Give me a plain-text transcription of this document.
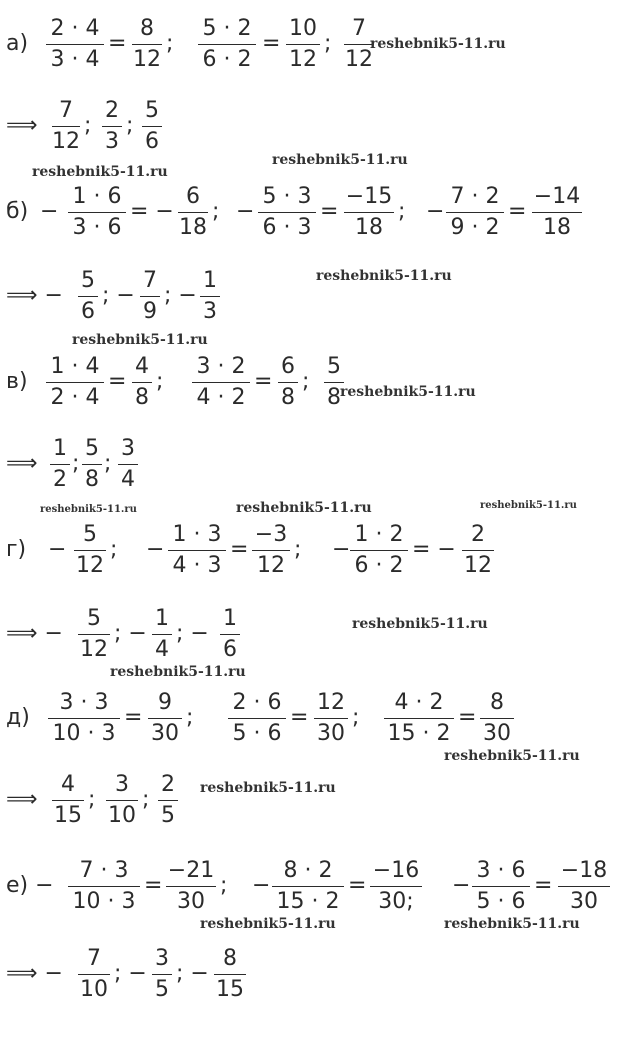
а)
2 · 4
3 · 4
=
8
12
;
5 · 2
6 · 2
=
10
12
;
7
12
⟹
7
12
;
2
3
;
5
6
б) −
1 · 6
3 · 6
= −
6
18
; −
5 · 3
6 · 3
=
−15
18
; −
7 · 2
9 · 2
=
−14
18
⟹ −
5
6
; −
7
9
; −
1
3
в)
1 · 4
2 · 4
=
4
8
;
3 · 2
4 · 2
=
6
8
;
5
8
⟹
1
2
;
5
8
;
3
4
г) −
5
12
; −
1 · 3
4 · 3
=
−3
12
; −
1 · 2
6 · 2
= −
2
12
⟹ −
5
12
; −
1
4
; −
1
6
д)
3 · 3
10 · 3
=
9
30
;
2 · 6
5 · 6
=
12
30
;
4 · 2
15 · 2
=
8
30
⟹
4
15
;
3
10
;
2
5
е) −
7 · 3
10 · 3
=
−21
30
; −
8 · 2
15 · 2
=
−16
30;
−
3 · 6
5 · 6
=
−18
30
⟹ −
7
10
; −
3
5
; −
8
15
reshebnik5-11.ru
reshebnik5-11.ru
reshebnik5-11.ru
reshebnik5-11.ru
reshebnik5-11.ru
reshebnik5-11.ru
reshebnik5-11.ru	reshebnik5-11.ru	reshebnik5-11.ru
reshebnik5-11.ru
reshebnik5-11.ru
reshebnik5-11.ru
reshebnik5-11.ru
reshebnik5-11.ru	reshebnik5-11.ru
